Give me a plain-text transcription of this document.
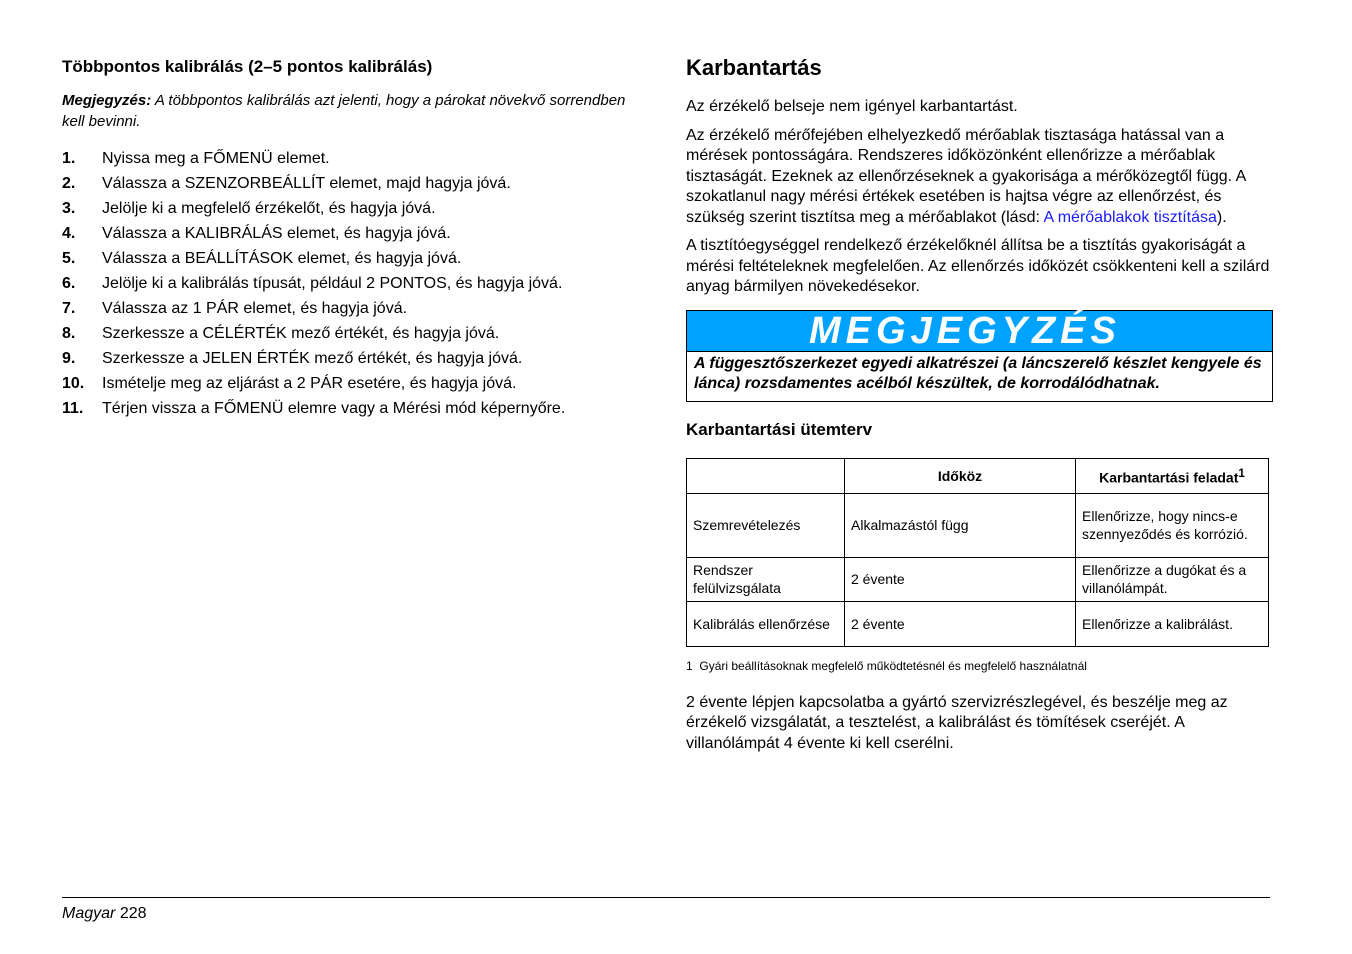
Többpontos kalibrálás (2–5 pontos kalibrálás)
Megjegyzés: A többpontos kalibrálás azt jelenti, hogy a párokat növekvő sorrendben kell bevinni.
1.	Nyissa meg a FŐMENÜ elemet.
2.	Válassza a SZENZORBEÁLLÍT elemet, majd hagyja jóvá.
3.	Jelölje ki a megfelelő érzékelőt, és hagyja jóvá.
4.	Válassza a KALIBRÁLÁS elemet, és hagyja jóvá.
5.	Válassza a BEÁLLÍTÁSOK elemet, és hagyja jóvá.
6.	Jelölje ki a kalibrálás típusát, például 2 PONTOS, és hagyja jóvá.
7.	Válassza az 1 PÁR elemet, és hagyja jóvá.
8.	Szerkessze a CÉLÉRTÉK mező értékét, és hagyja jóvá.
9.	Szerkessze a JELEN ÉRTÉK mező értékét, és hagyja jóvá.
10.	Ismételje meg az eljárást a 2 PÁR esetére, és hagyja jóvá.
11.	Térjen vissza a FŐMENÜ elemre vagy a Mérési mód képernyőre.
Karbantartás

Az érzékelő belseje nem igényel karbantartást.

Az érzékelő mérőfejében elhelyezkedő mérőablak tisztasága hatással van a mérések pontosságára. Rendszeres időközönként ellenőrizze a mérőablak tisztaságát. Ezeknek az ellenőrzéseknek a gyakorisága a mérőközegtől függ. A szokatlanul nagy mérési értékek esetében is hajtsa végre az ellenőrzést, és szükség szerint tisztítsa meg a mérőablakot (lásd: A mérőablakok tisztítása).

A tisztítóegységgel rendelkező érzékelőknél állítsa be a tisztítás gyakoriságát a mérési feltételeknek megfelelően. Az ellenőrzés időközét csökkenteni kell a szilárd anyag bármilyen növekedésekor.

MEGJEGYZÉS
A függesztőszerkezet egyedi alkatrészei (a láncszerelő készlet kengyele és lánca) rozsdamentes acélból készültek, de korrodálódhatnak.
Karbantartási ütemterv
	Időköz	Karbantartási feladat$^1$
Szemrevételezés	Alkalmazástól függ	Ellenőrizze, hogy nincs-e szennyeződés és korrózió.
Rendszer felülvizsgálata	2 évente	Ellenőrizze a dugókat és a villanólámpát.
Kalibrálás ellenőrzése	2 évente	Ellenőrizze a kalibrálást.
1 Gyári beállításoknak megfelelő működtetésnél és megfelelő használatnál

2 évente lépjen kapcsolatba a gyártó szervizrészlegével, és beszélje meg az érzékelő vizsgálatát, a tesztelést, a kalibrálást és tömítések cseréjét. A villanólámpát 4 évente ki kell cserélni.

Magyar 228
